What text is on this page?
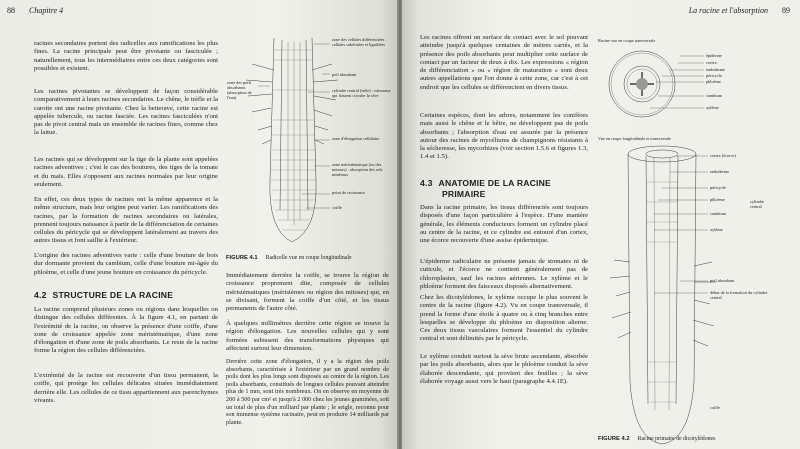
88 Chapitre 4
racines secondaires portent des radicelles aux ramifications les plus fines. La racine principale peut être pivotante ou fasciculée ; naturellement, tous les intermédiaires entre ces deux catégories sont possibles et existent.
Les racines pivotantes se développent de façon considérable comparativement à leurs racines secondaires. Le chêne, le trèfle et la carotte ont une racine pivotante. Chez la betterave, cette racine est appelée tubercule, ou racine fasciée. Les racines fasciculées n'ont pas de pivot central mais un ensemble de racines fines, comme chez la laitue.
Les racines qui se développent sur la tige de la plante sont appelées racines adventives ; c'est le cas des boutures, des tiges de la tomate et du maïs. Elles s'opposent aux racines normales par leur origine seulement.
En effet, ces deux types de racines ont la même apparence et la même structure, mais leur origine peut varier. Les ramifications des racines, par la formation de racines secondaires ou latérales, prennent toujours naissance à partir de la différenciation de certaines cellules du péricycle qui se développent latéralement au travers des autres tissus et font saillie à l'extérieur.
L'origine des racines adventives varie : celle d'une bouture de bois dur dormante provient du cambium, celle d'une bouture mi-âgée du phloème, et celle d'une jeune bouture en croissance du péricycle.
4.2 STRUCTURE DE LA RACINE
La racine comprend plusieurs zones ou régions dans lesquelles on distingue des cellules différentes. À la figure 4.1, en partant de l'extrémité de la racine, on observe la présence d'une coiffe, d'une zone de croissance appelée zone méristématique, d'une zone d'élongation et d'une zone de poils absorbants. Le reste de la racine forme la région des cellules différenciées.
L'extrémité de la racine est recouverte d'un tissu permanent, la coiffe, qui protège les cellules délicates situées immédiatement derrière elle. Les cellules de ce tissu appartiennent aux parenchymes vivants.
zone des poils absorbants (absorption de l'eau)
zone des cellules différenciées : cellules subérisées et lignifiées
poil absorbant
cylindre central (stèle) : vaisseaux qui laissent circuler la sève
zone d'élongation cellulaire
zone méristématique (ou des mitoses) : absorption des sels minéraux
point de croissance
coiffe
FIGURE 4.1 Radicelle vue en coupe longitudinale
Immédiatement derrière la coiffe, se trouve la région de croissance proprement dite, composée de cellules méristématiques (méristèmes ou région des mitoses) qui, en se divisant, forment la coiffe d'un côté, et les tissus permanents de l'autre côté.
À quelques millimètres derrière cette région se trouve la région d'élongation. Les nouvelles cellules qui y sont formées subissent des transformations physiques qui affectent surtout leur dimension.
Derrière cette zone d'élongation, il y a la région des poils absorbants, caractérisée à l'extérieur par un grand nombre de poils dont les plus longs sont disposés au centre de la région. Les poils absorbants, constitués de longues cellules pouvant atteindre plus de 1 mm, sont très nombreux. On en observe en moyenne de 200 à 500 par cm² et jusqu'à 2 000 chez les jeunes graminées, soit un total de plus d'un milliard par plante ; le seigle, reconnu pour son immense système racinaire, peut en produire 14 milliards par plante.
La racine et l'absorption 89
Les racines offrent un surface de contact avec le sol pouvant atteindre jusqu'à quelques centaines de mètres carrés, et la présence des poils absorbants peut multiplier cette surface de contact par un facteur de deux à dix. Les expressions « région de différenciation » ou « région de maturation » sont deux autres appellations que l'on donne à cette zone, car c'est à cet endroit que les cellules se différencient en divers tissus.
Certaines espèces, dont les arbres, notamment les conifères mais aussi le chêne et le hêtre, ne développent pas de poils absorbants ; l'absorption d'eau est assurée par la présence autour des racines de mycéliums de champignons résistants à la sécheresse, les mycorhizes (voir section 1.5.6 et figures 1.3, 1.4 et 1.5).
4.3 ANATOMIE DE LA RACINE
PRIMAIRE
Dans la racine primaire, les tissus différenciés sont toujours disposés d'une façon particulière à l'espèce. D'une manière générale, les éléments conducteurs forment un cylindre placé au centre de la racine, et ce cylindre est entouré d'un cortex, une écorce recouverte d'une assise épidermique.
L'épiderme radiculaire ne présente jamais de stomates ni de cuticule, et l'écorce ne contient généralement pas de chloroplastes, sauf les racines aériennes. Le xylème et le phloème forment des faisceaux disposés alternativement.
Chez les dicotylédones, le xylème occupe le plus souvent le centre de la racine (figure 4.2). Vu en coupe transversale, il prend la forme d'une étoile à quatre ou à cinq branches entre lesquelles se développe du phloème en disposition alterne. Ces deux tissus vasculaires forment l'essentiel du cylindre central et sont délimités par le péricycle.
Le xylème conduit surtout la sève brute ascendante, absorbée par les poils absorbants, alors que le phloème conduit la sève élaborée descendante, qui provient des feuilles ; la sève élaborée voyage aussi vers le haut (paragraphe 4.4.1E).
Racine vue en coupe transversale
épiderme
cortex
endoderme
péricycle
phloème
cambium
xylème
Vue en coupe longitudinale et transversale
cortex (écorce)
endoderme
péricycle
phloème
cambium
xylème
cylindre central
poil absorbant
début de la formation du cylindre central
coiffe
FIGURE 4.2 Racine primaire de dicotylédones
